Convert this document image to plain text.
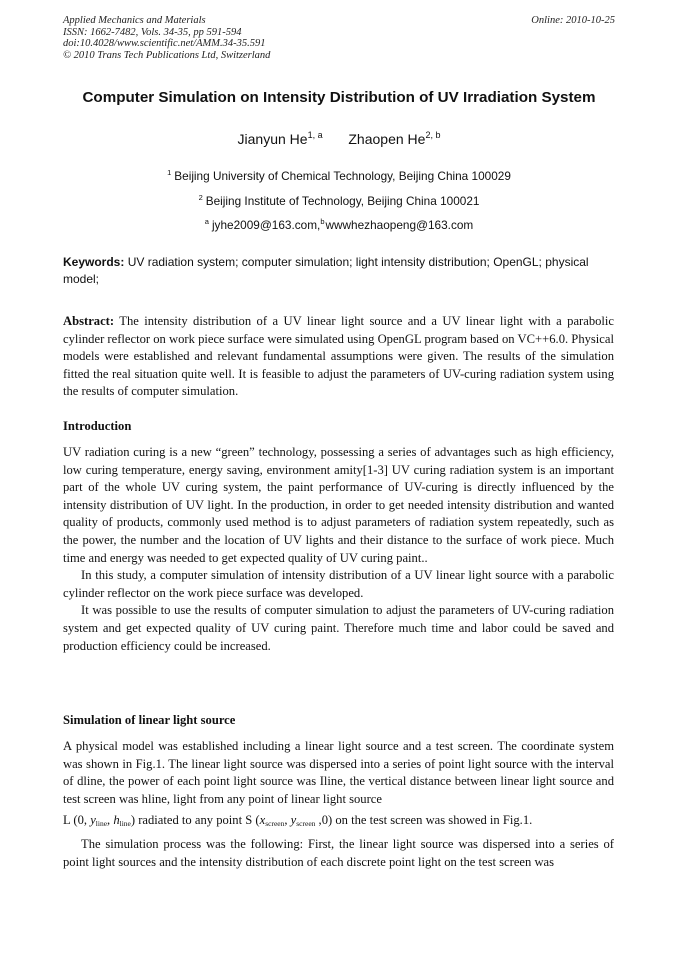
Applied Mechanics and Materials
ISSN: 1662-7482, Vols. 34-35, pp 591-594
doi:10.4028/www.scientific.net/AMM.34-35.591
© 2010 Trans Tech Publications Ltd, Switzerland
Online: 2010-10-25
Computer Simulation on Intensity Distribution of UV Irradiation System
Jianyun He$^{1, a}$ Zhaopen He$^{2, b}$
$^1$ Beijing University of Chemical Technology, Beijing China 100029
$^2$ Beijing Institute of Technology, Beijing China 100021
$^a$ jyhe2009@163.com,$^b$wwwhezhaopeng@163.com
Keywords: UV radiation system; computer simulation; light intensity distribution; OpenGL; physical model;
Abstract: The intensity distribution of a UV linear light source and a UV linear light with a parabolic cylinder reflector on work piece surface were simulated using OpenGL program based on VC++6.0. Physical models were established and relevant fundamental assumptions were given. The results of the simulation fitted the real situation quite well. It is feasible to adjust the parameters of UV-curing radiation system using the results of computer simulation.
Introduction

UV radiation curing is a new “green” technology, possessing a series of advantages such as high efficiency, low curing temperature, energy saving, environment amity[1-3] UV curing radiation system is an important part of the whole UV curing system, the paint performance of UV-curing is directly influenced by the intensity distribution of UV light. In the production, in order to get needed intensity distribution and wanted quality of products, commonly used method is to adjust parameters of radiation system repeatedly, such as the power, the number and the location of UV lights and their distance to the surface of work piece. Much time and energy was needed to get expected quality of UV curing paint..

In this study, a computer simulation of intensity distribution of a UV linear light source with a parabolic cylinder reflector on the work piece surface was developed.

It was possible to use the results of computer simulation to adjust the parameters of UV-curing radiation system and get expected quality of UV curing paint. Therefore much time and labor could be saved and production efficiency could be increased.

Simulation of linear light source

A physical model was established including a linear light source and a test screen. The coordinate system was shown in Fig.1. The linear light source was dispersed into a series of point light source with the interval of dline, the power of each point light source was Iline, the vertical distance between linear light source and test screen was hline, light from any point of linear light source

L (0, $y_{line}$, $h_{line}$) radiated to any point S ($x_{screen}$, $y_{screen}$ ,0) on the test screen was showed in Fig.1.

The simulation process was the following: First, the linear light source was dispersed into a series of point light sources and the intensity distribution of each discrete point light on the test screen was
